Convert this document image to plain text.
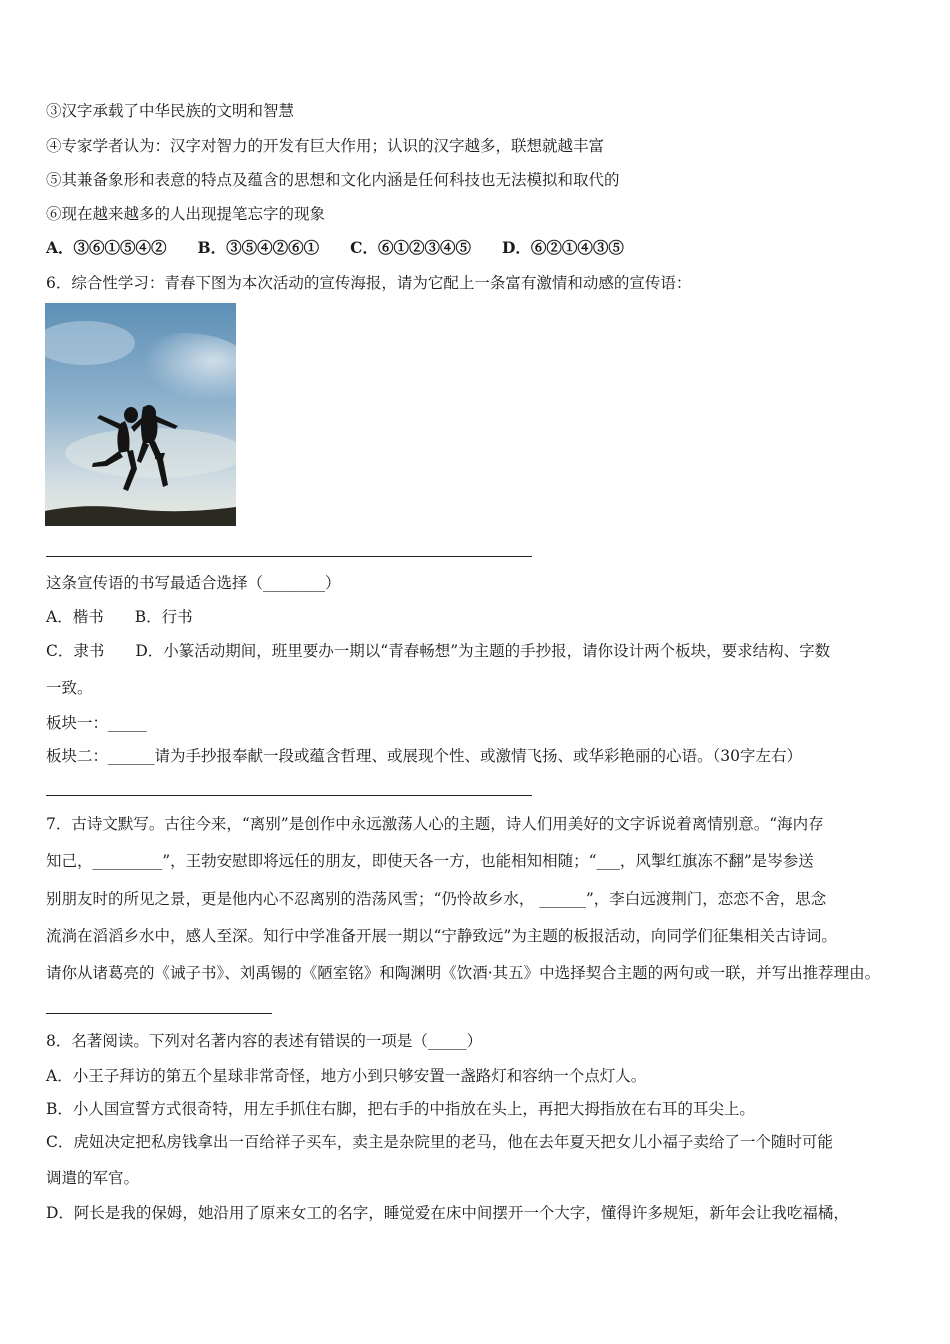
③汉字承载了中华民族的文明和智慧
④专家学者认为：汉字对智力的开发有巨大作用；认识的汉字越多，联想就越丰富
⑤其兼备象形和表意的特点及蕴含的思想和文化内涵是任何科技也无法模拟和取代的
⑥现在越来越多的人出现提笔忘字的现象
A．③⑥①⑤④②　　B．③⑤④②⑥①　　C．⑥①②③④⑤　　D．⑥②①④③⑤
6．综合性学习：青春下图为本次活动的宣传海报，请为它配上一条富有激情和动感的宣传语：
这条宣传语的书写最适合选择（________）
A．楷书　　B．行书
C．隶书　　D．小篆活动期间，班里要办一期以“青春畅想”为主题的手抄报，请你设计两个板块，要求结构、字数
一致。
板块一：_____
板块二：______请为手抄报奉献一段或蕴含哲理、或展现个性、或激情飞扬、或华彩艳丽的心语。（30字左右）
7．古诗文默写。古往今来，“离别”是创作中永远激荡人心的主题，诗人们用美好的文字诉说着离情别意。“海内存
知己，_________”，王勃安慰即将远任的朋友，即使天各一方，也能相知相随；“___，风掣红旗冻不翻”是岑参送
别朋友时的所见之景，更是他内心不忍离别的浩荡风雪；“仍怜故乡水， ______”，李白远渡荆门，恋恋不舍，思念
流淌在滔滔乡水中，感人至深。知行中学准备开展一期以“宁静致远”为主题的板报活动，向同学们征集相关古诗词。
请你从诸葛亮的《诫子书》、刘禹锡的《陋室铭》和陶渊明《饮酒·其五》中选择契合主题的两句或一联，并写出推荐理由。
8．名著阅读。下列对名著内容的表述有错误的一项是（_____）
A．小王子拜访的第五个星球非常奇怪，地方小到只够安置一盏路灯和容纳一个点灯人。
B．小人国宣誓方式很奇特，用左手抓住右脚，把右手的中指放在头上，再把大拇指放在右耳的耳尖上。
C．虎妞决定把私房钱拿出一百给祥子买车，卖主是杂院里的老马，他在去年夏天把女儿小福子卖给了一个随时可能
调遣的军官。
D．阿长是我的保姆，她沿用了原来女工的名字，睡觉爱在床中间摆开一个大字，懂得许多规矩，新年会让我吃福橘，
